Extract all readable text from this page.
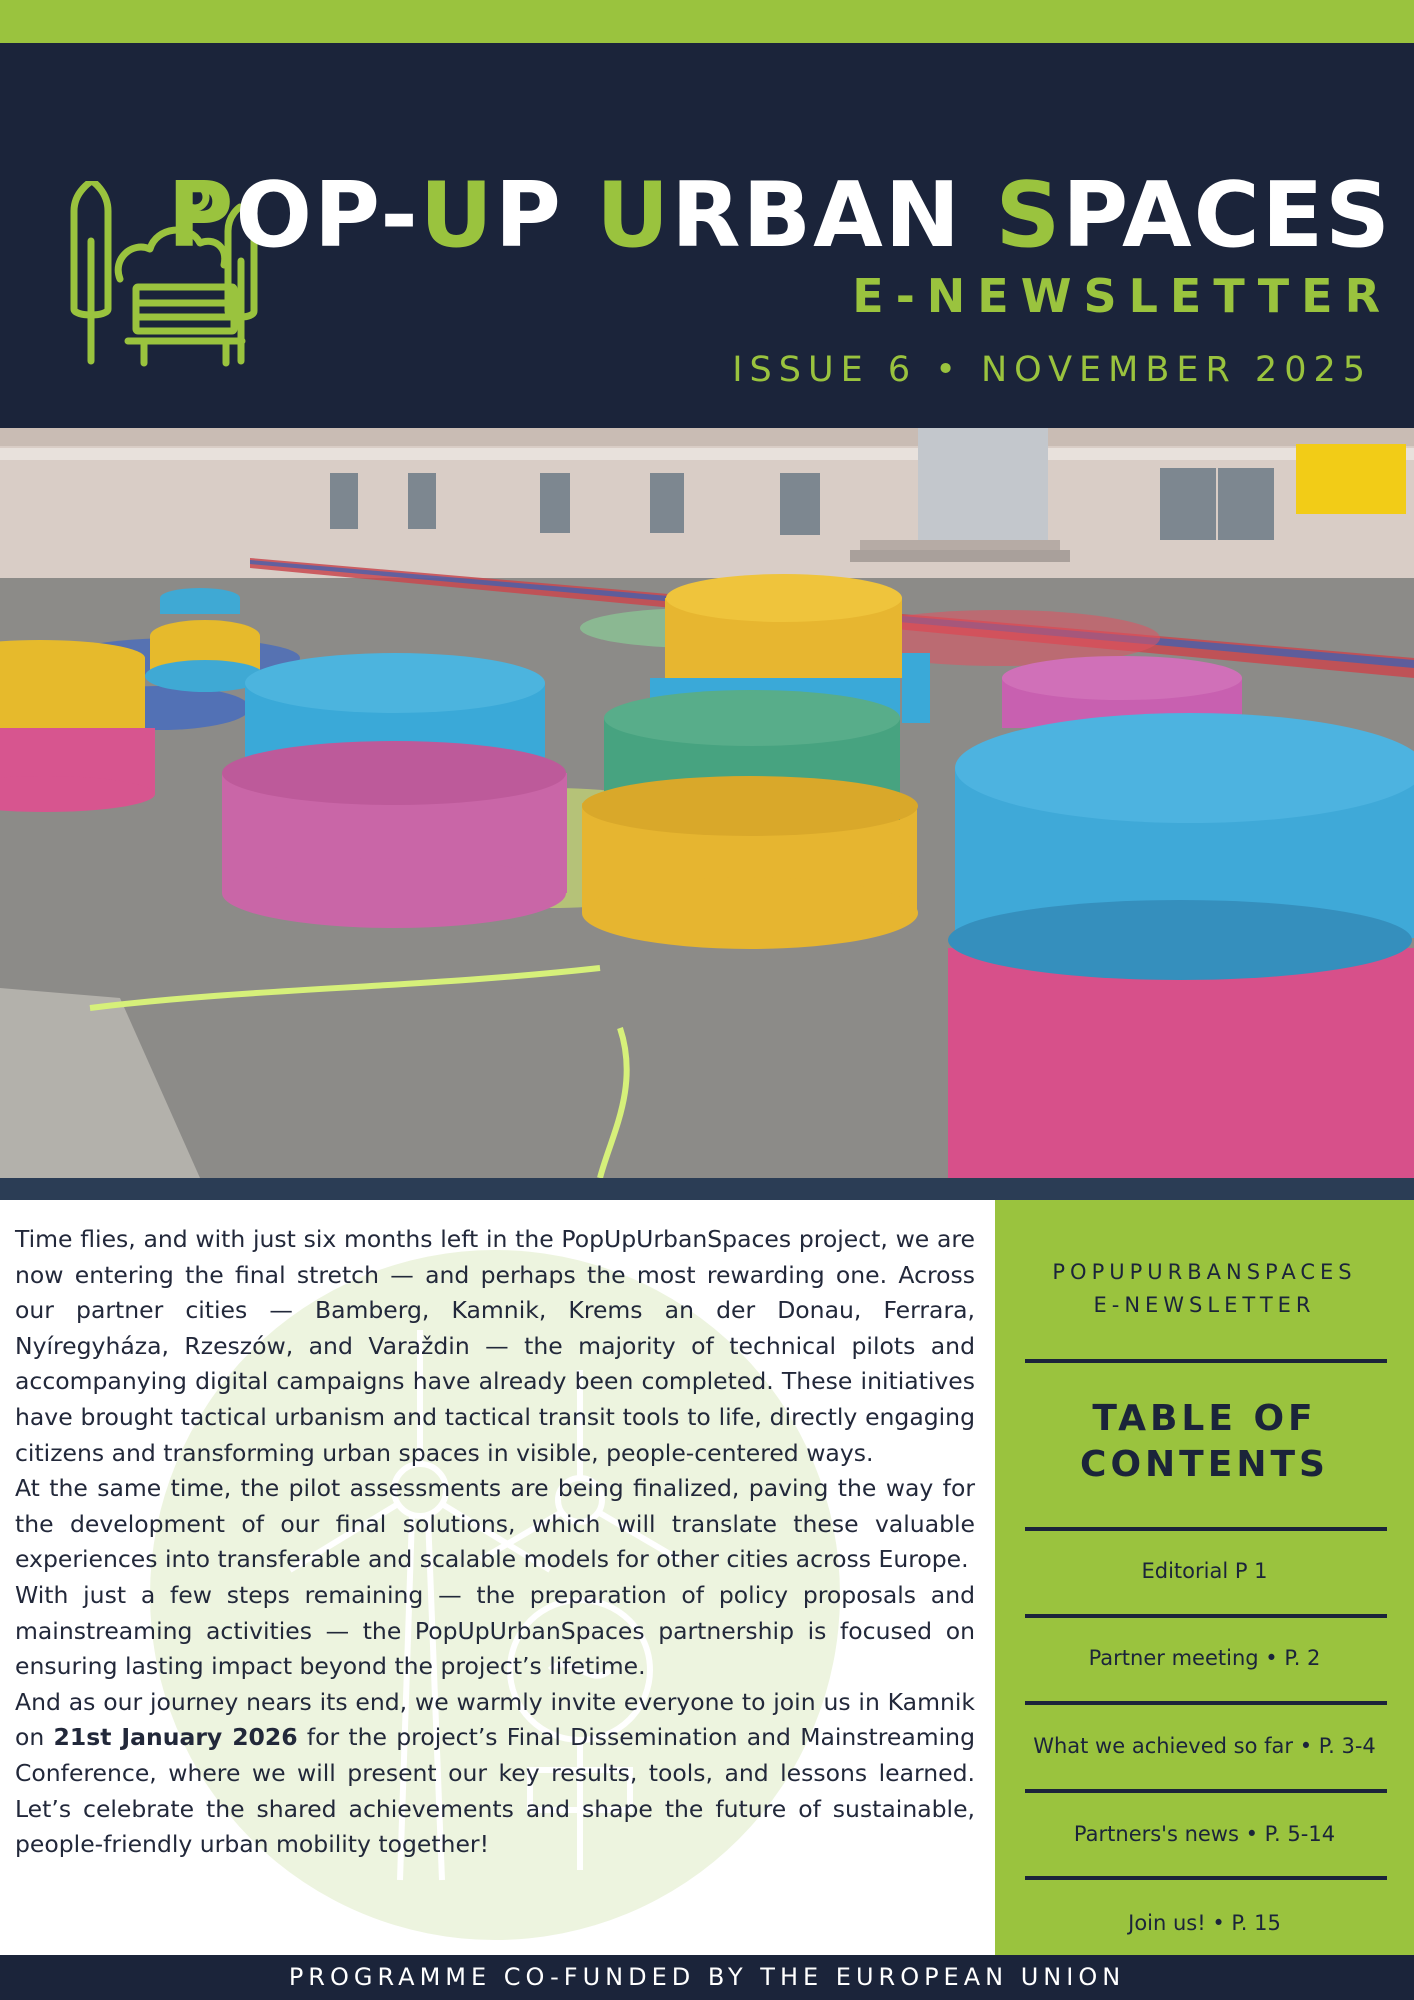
POP-UP URBAN SPACES
E-NEWSLETTER
ISSUE 6 • NOVEMBER 2025

Time flies, and with just six months left in the PopUpUrbanSpaces project, we are now entering the final stretch — and perhaps the most rewarding one. Across our partner cities — Bamberg, Kamnik, Krems an der Donau, Ferrara, Nyíregyháza, Rzeszów, and Varaždin — the majority of technical pilots and accompanying digital campaigns have already been completed. These initiatives have brought tactical urbanism and tactical transit tools to life, directly engaging citizens and transforming urban spaces in visible, people-centered ways.

At the same time, the pilot assessments are being finalized, paving the way for the development of our final solutions, which will translate these valuable experiences into transferable and scalable models for other cities across Europe.

With just a few steps remaining — the preparation of policy proposals and mainstreaming activities — the PopUpUrbanSpaces partnership is focused on ensuring lasting impact beyond the project’s lifetime.

And as our journey nears its end, we warmly invite everyone to join us in Kamnik on 21st January 2026 for the project’s Final Dissemination and Mainstreaming Conference, where we will present our key results, tools, and lessons learned. Let’s celebrate the shared achievements and shape the future of sustainable, people-friendly urban mobility together!

POPUPURBANSPACES
E-NEWSLETTER
TABLE OF
CONTENTS
Editorial P 1
Partner meeting • P. 2
What we achieved so far • P. 3-4
Partners's news • P. 5-14
Join us! • P. 15
PROGRAMME CO-FUNDED BY THE EUROPEAN UNION
